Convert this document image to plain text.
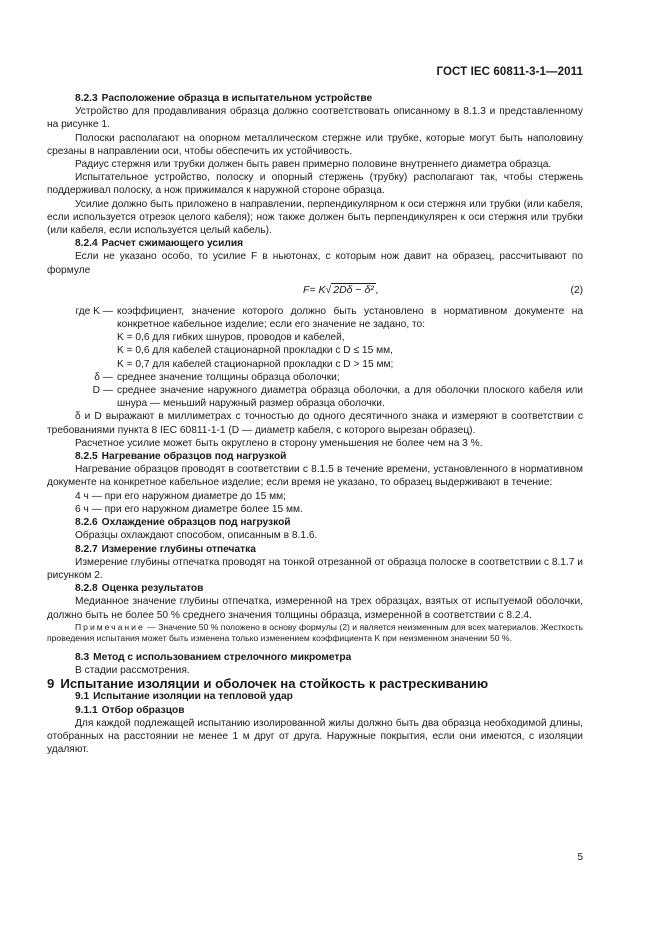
ГОСТ IEC 60811-3-1—2011

8.2.3 Расположение образца в испытательном устройстве

Устройство для продавливания образца должно соответствовать описанному в 8.1.3 и представленному на рисунке 1.

Полоски располагают на опорном металлическом стержне или трубке, которые могут быть наполовину срезаны в направлении оси, чтобы обеспечить их устойчивость.

Радиус стержня или трубки должен быть равен примерно половине внутреннего диаметра образца.

Испытательное устройство, полоску и опорный стержень (трубку) располагают так, чтобы стержень поддерживал полоску, а нож прижимался к наружной стороне образца.

Усилие должно быть приложено в направлении, перпендикулярном к оси стержня или трубки (или кабеля, если используется отрезок целого кабеля); нож также должен быть перпендикулярен к оси стержня или трубки (или кабеля, если используется целый кабель).

8.2.4 Расчет сжимающего усилия

Если не указано особо, то усилие F в ньютонах, с которым нож давит на образец, рассчитывают по формуле

F= K√ 2Dδ − δ² ,	(2)
где K — коэффициент, значение которого должно быть установлено в нормативном документе на конкретное кабельное изделие; если его значение не задано, то:

K = 0,6 для гибких шнуров, проводов и кабелей,

K = 0,6 для кабелей стационарной прокладки с D ≤ 15 мм,

K = 0,7 для кабелей стационарной прокладки с D > 15 мм;

δ — среднее значение толщины образца оболочки;
D — среднее значение наружного диаметра образца оболочки, а для оболочки плоского кабеля или шнура — меньший наружный размер образца оболочки.

δ и D выражают в миллиметрах с точностью до одного десятичного знака и измеряют в соответствии с требованиями пункта 8 IEC 60811-1-1 (D — диаметр кабеля, с которого вырезан образец).

Расчетное усилие может быть округлено в сторону уменьшения не более чем на 3 %.

8.2.5 Нагревание образцов под нагрузкой

Нагревание образцов проводят в соответствии с 8.1.5 в течение времени, установленного в нормативном документе на конкретное кабельное изделие; если время не указано, то образец выдерживают в течение:

4 ч — при его наружном диаметре до 15 мм;

6 ч — при его наружном диаметре более 15 мм.

8.2.6 Охлаждение образцов под нагрузкой

Образцы охлаждают способом, описанным в 8.1.6.

8.2.7 Измерение глубины отпечатка

Измерение глубины отпечатка проводят на тонкой отрезанной от образца полоске в соответствии с 8.1.7 и рисунком 2.

8.2.8 Оценка результатов

Медианное значение глубины отпечатка, измеренной на трех образцах, взятых от испытуемой оболочки, должно быть не более 50 % среднего значения толщины образца, измеренной в соответствии с 8.2.4.

Примечание — Значение 50 % положено в основу формулы (2) и является неизменным для всех материалов. Жесткость проведения испытания может быть изменена только изменением коэффициента K при неизменном значении 50 %.

8.3 Метод с использованием стрелочного микрометра

В стадии рассмотрения.

9 Испытание изоляции и оболочек на стойкость к растрескиванию

9.1 Испытание изоляции на тепловой удар

9.1.1 Отбор образцов

Для каждой подлежащей испытанию изолированной жилы должно быть два образца необходимой длины, отобранных на расстоянии не менее 1 м друг от друга. Наружные покрытия, если они имеются, с изоляции удаляют.

5
